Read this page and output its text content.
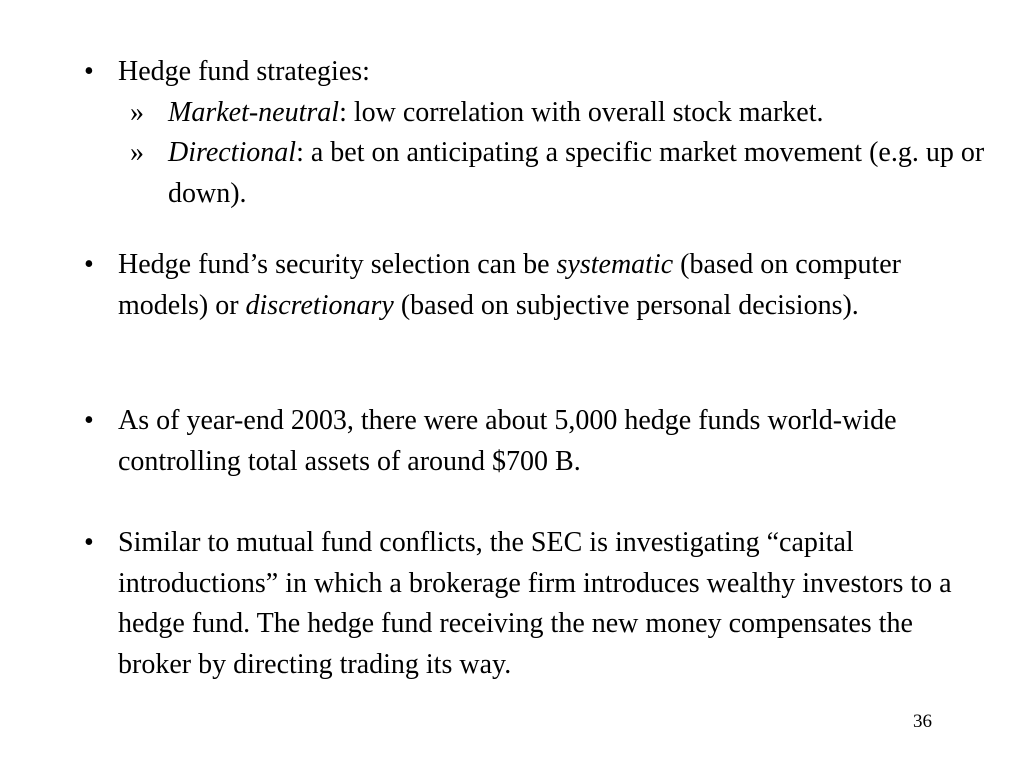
• Hedge fund strategies:
» Market-neutral: low correlation with overall stock market.
» Directional: a bet on anticipating a specific market movement (e.g. up or down).
• Hedge fund’s security selection can be systematic (based on computer models) or discretionary (based on subjective personal decisions).
• As of year-end 2003, there were about 5,000 hedge funds world-wide controlling total assets of around $700 B.
• Similar to mutual fund conflicts, the SEC is investigating “capital introductions” in which a brokerage firm introduces wealthy investors to a hedge fund. The hedge fund receiving the new money compensates the broker by directing trading its way.
36
